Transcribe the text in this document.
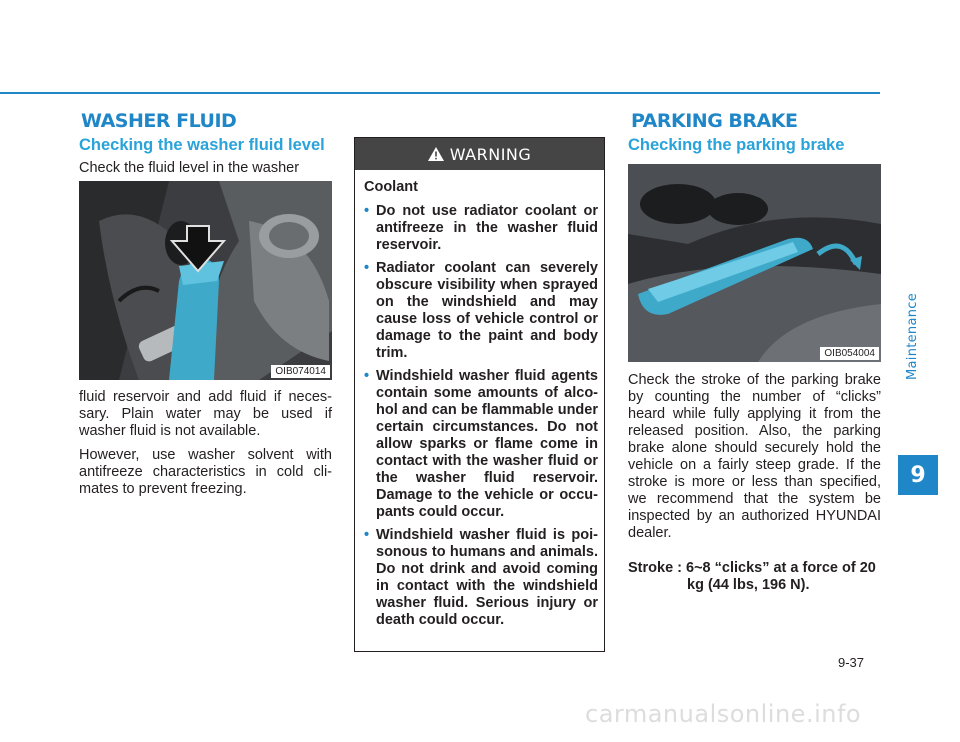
WASHER FLUID
Checking the washer fluid level

Check the fluid level in the washer

OIB074014

fluid reservoir and add fluid if neces-sary. Plain water may be used if washer fluid is not available.

However, use washer solvent with antifreeze characteristics in cold cli-mates to prevent freezing.

WARNING

Coolant

• Do not use radiator coolant or antifreeze in the washer fluid reservoir.
• Radiator coolant can severely obscure visibility when sprayed on the windshield and may cause loss of vehicle control or damage to the paint and body trim.
• Windshield washer fluid agents contain some amounts of alco-hol and can be flammable under certain circumstances. Do not allow sparks or flame come in contact with the washer fluid or the washer fluid reservoir. Damage to the vehicle or occu-pants could occur.
• Windshield washer fluid is poi-sonous to humans and animals. Do not drink and avoid coming in contact with the windshield washer fluid. Serious injury or death could occur.
PARKING BRAKE
Checking the parking brake
OIB054004

Check the stroke of the parking brake by counting the number of “clicks” heard while fully applying it from the released position. Also, the parking brake alone should securely hold the vehicle on a fairly steep grade. If the stroke is more or less than specified, we recommend that the system be inspected by an authorized HYUNDAI dealer.

Stroke : 6~8 “clicks” at a force of 20
kg (44 lbs, 196 N).
Maintenance
9
9-37
carmanualsonline.info
